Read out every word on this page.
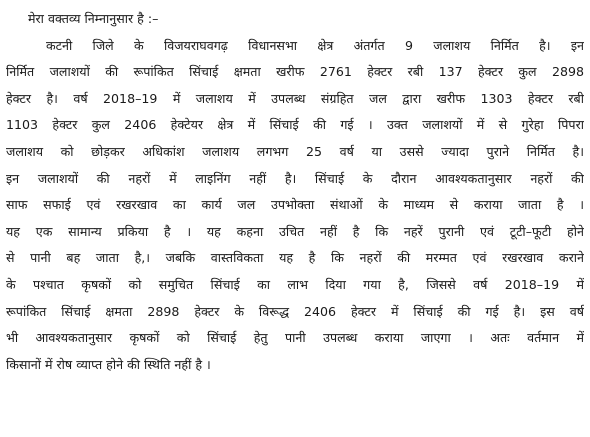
मेरा वक्तव्य निम्नानुसार है :–
कटनी जिले के विजयराघवगढ़ विधानसभा क्षेत्र अंतर्गत 9 जलाशय निर्मित है। इन
निर्मित जलाशयों की रूपांकित सिंचाई क्षमता खरीफ 2761 हेक्टर रबी 137 हेक्टर कुल 2898
हेक्टर है। वर्ष 2018–19 में जलाशय में उपलब्ध संग्रहित जल द्वारा खरीफ 1303 हेक्टर रबी
1103 हेक्टर कुल 2406 हेक्टेयर क्षेत्र में सिंचाई की गई । उक्त जलाशयों में से गुरेहा पिपरा
जलाशय को छोड़कर अधिकांश जलाशय लगभग 25 वर्ष या उससे ज्यादा पुराने निर्मित है।
इन जलाशयों की नहरों में लाइनिंग नहीं है। सिंचाई के दौरान आवश्यकतानुसार नहरों की
साफ सफाई एवं रखरखाव का कार्य जल उपभोक्ता संथाओं के माध्यम से कराया जाता है ।
यह एक सामान्य प्रकिया है । यह कहना उचित नहीं है कि नहरें पुरानी एवं टूटी–फूटी होने
से पानी बह जाता है,। जबकि वास्तविकता यह है कि नहरों की मरम्मत एवं रखरखाव कराने
के पश्चात कृषकों को समुचित सिंचाई का लाभ दिया गया है, जिससे वर्ष 2018–19 में
रूपांकित सिंचाई क्षमता 2898 हेक्टर के विरूद्ध 2406 हेक्टर में सिंचाई की गई है। इस वर्ष
भी आवश्यकतानुसार कृषकों को सिंचाई हेतु पानी उपलब्ध कराया जाएगा । अतः वर्तमान में
किसानों में रोष व्याप्त होने की स्थिति नहीं है ।
